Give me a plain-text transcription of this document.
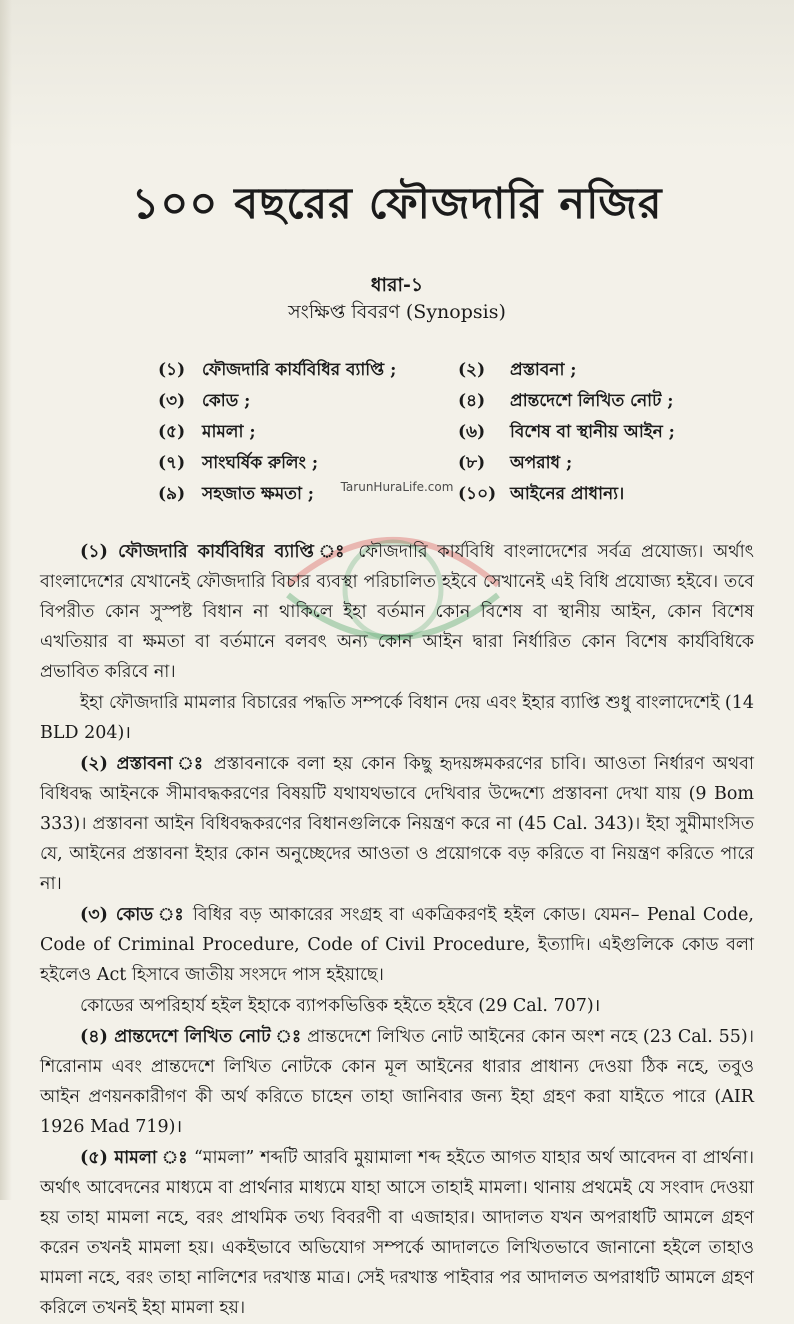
১০০ বছরের ফৌজদারি নজির
ধারা-১
সংক্ষিপ্ত বিবরণ (Synopsis)
(১) ফৌজদারি কার্যবিধির ব্যাপ্তি ;	(২)	প্রস্তাবনা ;
(৩) কোড ;	(৪)	প্রান্তদেশে লিখিত নোট ;
(৫) মামলা ;	(৬)	বিশেষ বা স্থানীয় আইন ;
(৭) সাংঘর্ষিক রুলিং ;	(৮)	অপরাধ ;
(৯) সহজাত ক্ষমতা ;	(১০) আইনের প্রাধান্য।
TarunHuraLife.com

(১) ফৌজদারি কার্যবিধির ব্যাপ্তি ঃ ফৌজদারি কার্যবিধি বাংলাদেশের সর্বত্র প্রযোজ্য। অর্থাৎ বাংলাদেশের যেখানেই ফৌজদারি বিচার ব্যবস্থা পরিচালিত হইবে সেখানেই এই বিধি প্রযোজ্য হইবে। তবে বিপরীত কোন সুস্পষ্ট বিধান না থাকিলে ইহা বর্তমান কোন বিশেষ বা স্থানীয় আইন, কোন বিশেষ এখতিয়ার বা ক্ষমতা বা বর্তমানে বলবৎ অন্য কোন আইন দ্বারা নির্ধারিত কোন বিশেষ কার্যবিধিকে প্রভাবিত করিবে না।

ইহা ফৌজদারি মামলার বিচারের পদ্ধতি সম্পর্কে বিধান দেয় এবং ইহার ব্যাপ্তি শুধু বাংলাদেশেই (14 BLD 204)।

(২) প্রস্তাবনা ঃ প্রস্তাবনাকে বলা হয় কোন কিছু হৃদয়ঙ্গমকরণের চাবি। আওতা নির্ধারণ অথবা বিধিবদ্ধ আইনকে সীমাবদ্ধকরণের বিষয়টি যথাযথভাবে দেখিবার উদ্দেশ্যে প্রস্তাবনা দেখা যায় (9 Bom 333)। প্রস্তাবনা আইন বিধিবদ্ধকরণের বিধানগুলিকে নিয়ন্ত্রণ করে না (45 Cal. 343)। ইহা সুমীমাংসিত যে, আইনের প্রস্তাবনা ইহার কোন অনুচ্ছেদের আওতা ও প্রয়োগকে বড় করিতে বা নিয়ন্ত্রণ করিতে পারে না।

(৩) কোড ঃ বিধির বড় আকারের সংগ্রহ বা একত্রিকরণই হইল কোড। যেমন– Penal Code, Code of Criminal Procedure, Code of Civil Procedure, ইত্যাদি। এইগুলিকে কোড বলা হইলেও Act হিসাবে জাতীয় সংসদে পাস হইয়াছে।

কোডের অপরিহার্য হইল ইহাকে ব্যাপকভিত্তিক হইতে হইবে (29 Cal. 707)।

(৪) প্রান্তদেশে লিখিত নোট ঃ প্রান্তদেশে লিখিত নোট আইনের কোন অংশ নহে (23 Cal. 55)। শিরোনাম এবং প্রান্তদেশে লিখিত নোটকে কোন মূল আইনের ধারার প্রাধান্য দেওয়া ঠিক নহে, তবুও আইন প্রণয়নকারীগণ কী অর্থ করিতে চাহেন তাহা জানিবার জন্য ইহা গ্রহণ করা যাইতে পারে (AIR 1926 Mad 719)।

(৫) মামলা ঃ “মামলা” শব্দটি আরবি মুয়ামালা শব্দ হইতে আগত যাহার অর্থ আবেদন বা প্রার্থনা। অর্থাৎ আবেদনের মাধ্যমে বা প্রার্থনার মাধ্যমে যাহা আসে তাহাই মামলা। থানায় প্রথমেই যে সংবাদ দেওয়া হয় তাহা মামলা নহে, বরং প্রাথমিক তথ্য বিবরণী বা এজাহার। আদালত যখন অপরাধটি আমলে গ্রহণ করেন তখনই মামলা হয়। একইভাবে অভিযোগ সম্পর্কে আদালতে লিখিতভাবে জানানো হইলে তাহাও মামলা নহে, বরং তাহা নালিশের দরখাস্ত মাত্র। সেই দরখাস্ত পাইবার পর আদালত অপরাধটি আমলে গ্রহণ করিলে তখনই ইহা মামলা হয়।
